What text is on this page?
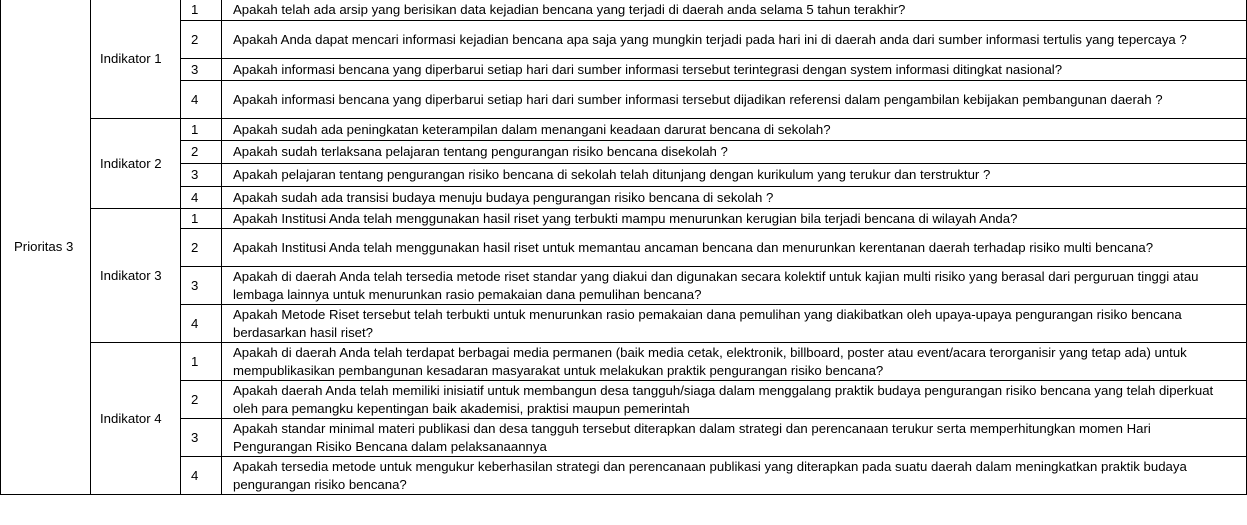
Prioritas 3	Indikator 1	1	Apakah telah ada arsip yang berisikan data kejadian bencana yang terjadi di daerah anda selama 5 tahun terakhir?
		2	Apakah Anda dapat mencari informasi kejadian bencana apa saja yang mungkin terjadi pada hari ini di daerah anda dari sumber informasi tertulis yang tepercaya ?
		3	Apakah informasi bencana yang diperbarui setiap hari dari sumber informasi tersebut terintegrasi dengan system informasi ditingkat nasional?
		4	Apakah informasi bencana yang diperbarui setiap hari dari sumber informasi tersebut dijadikan referensi dalam pengambilan kebijakan pembangunan daerah ?
	Indikator 2	1	Apakah sudah ada peningkatan keterampilan dalam menangani keadaan darurat bencana di sekolah?
		2	Apakah sudah terlaksana pelajaran tentang pengurangan risiko bencana disekolah ?
		3	Apakah pelajaran tentang pengurangan risiko bencana di sekolah telah ditunjang dengan kurikulum yang terukur dan terstruktur ?
		4	Apakah sudah ada transisi budaya menuju budaya pengurangan risiko bencana di sekolah ?
	Indikator 3	1	Apakah Institusi Anda telah menggunakan hasil riset yang terbukti mampu menurunkan kerugian bila terjadi bencana di wilayah Anda?
		2	Apakah Institusi Anda telah menggunakan hasil riset untuk memantau ancaman bencana dan menurunkan kerentanan daerah terhadap risiko multi bencana?
		3	Apakah di daerah Anda telah tersedia metode riset standar yang diakui dan digunakan secara kolektif untuk kajian multi risiko yang berasal dari perguruan tinggi atau lembaga lainnya untuk menurunkan rasio pemakaian dana pemulihan bencana?
		4	Apakah Metode Riset tersebut telah terbukti untuk menurunkan rasio pemakaian dana pemulihan yang diakibatkan oleh upaya-upaya pengurangan risiko bencana berdasarkan hasil riset?
	Indikator 4	1	Apakah di daerah Anda telah terdapat berbagai media permanen (baik media cetak, elektronik, billboard, poster atau event/acara terorganisir yang tetap ada) untuk mempublikasikan pembangunan kesadaran masyarakat untuk melakukan praktik pengurangan risiko bencana?
		2	Apakah daerah Anda telah memiliki inisiatif untuk membangun desa tangguh/siaga dalam menggalang praktik budaya pengurangan risiko bencana yang telah diperkuat oleh para pemangku kepentingan baik akademisi, praktisi maupun pemerintah
		3	Apakah standar minimal materi publikasi dan desa tangguh tersebut diterapkan dalam strategi dan perencanaan terukur serta memperhitungkan momen Hari Pengurangan Risiko Bencana dalam pelaksanaannya
		4	Apakah tersedia metode untuk mengukur keberhasilan strategi dan perencanaan publikasi yang diterapkan pada suatu daerah dalam meningkatkan praktik budaya pengurangan risiko bencana?
